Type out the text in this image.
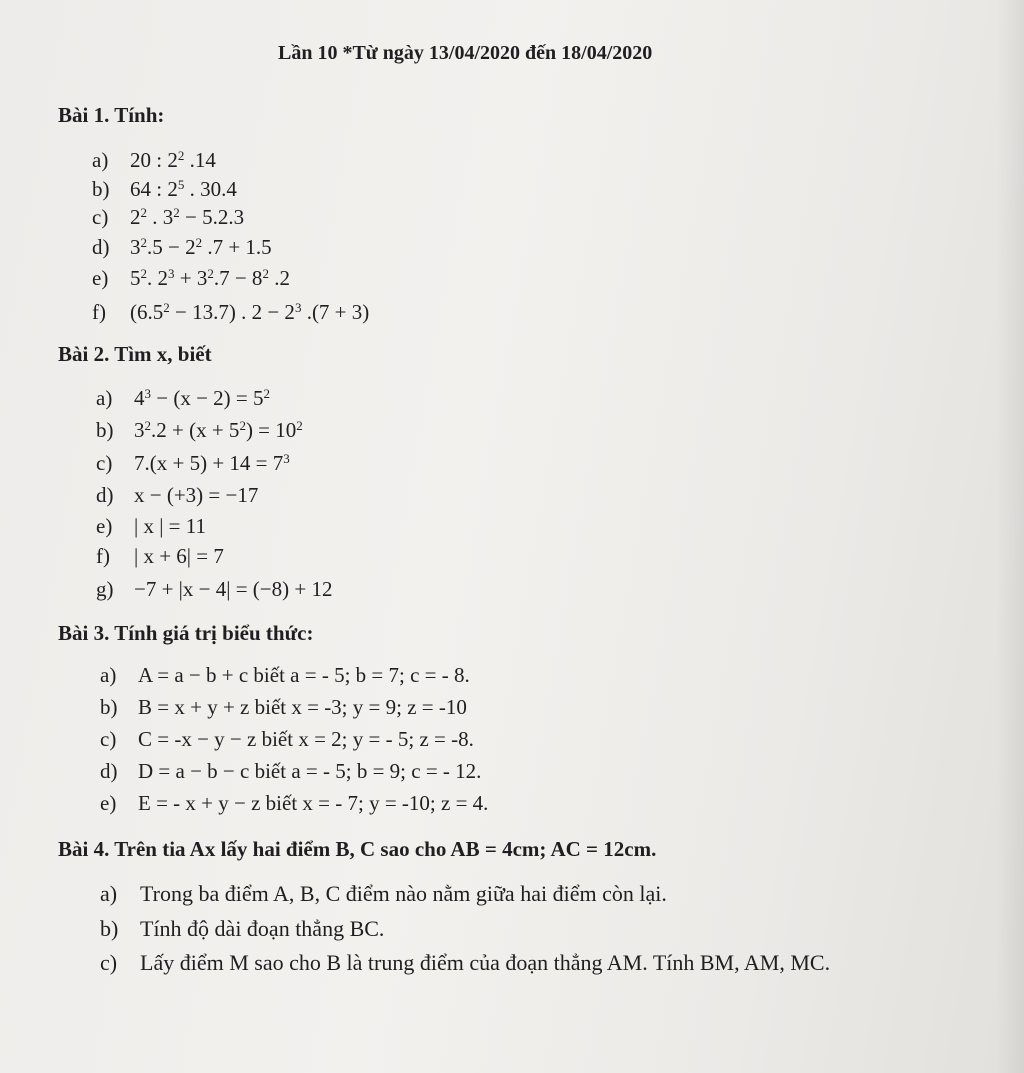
Lần 10 *Từ ngày 13/04/2020 đến 18/04/2020
Bài 1. Tính:
a) 20 : $2^2$ .14
b) 64 : $2^5$ . 30.4
c) $2^2$ . $3^2 - 5.2.3$
d) $3^2.5 - 2^2$ .7 + 1.5
e) $5^2$. $2^3 + 3^2.7 - 8^2$ .2
f) $(6.5^2 - 13.7)$ . $2 - 2^3$ .(7 + 3)
Bài 2. Tìm x, biết
a) $4^3 - (x - 2) = 5^2$
b) $3^2.2 + (x + 5^2) = 10^2$
c) $7.(x + 5) + 14 = 7^3$
d) x − (+3) = −17
e) | x | = 11
f) | x + 6| = 7
g) −7 + |x − 4| = (−8) + 12
Bài 3. Tính giá trị biểu thức:
a) A = a − b + c biết a = - 5; b = 7; c = - 8.
b) B = x + y + z biết x = -3; y = 9; z = -10
c) C = -x − y − z biết x = 2; y = - 5; z = -8.
d) D = a − b − c biết a = - 5; b = 9; c = - 12.
e) E = - x + y − z biết x = - 7; y = -10; z = 4.
Bài 4. Trên tia Ax lấy hai điểm B, C sao cho AB = 4cm; AC = 12cm.
a) Trong ba điểm A, B, C điểm nào nằm giữa hai điểm còn lại.
b) Tính độ dài đoạn thẳng BC.
c) Lấy điểm M sao cho B là trung điểm của đoạn thẳng AM. Tính BM, AM, MC.
